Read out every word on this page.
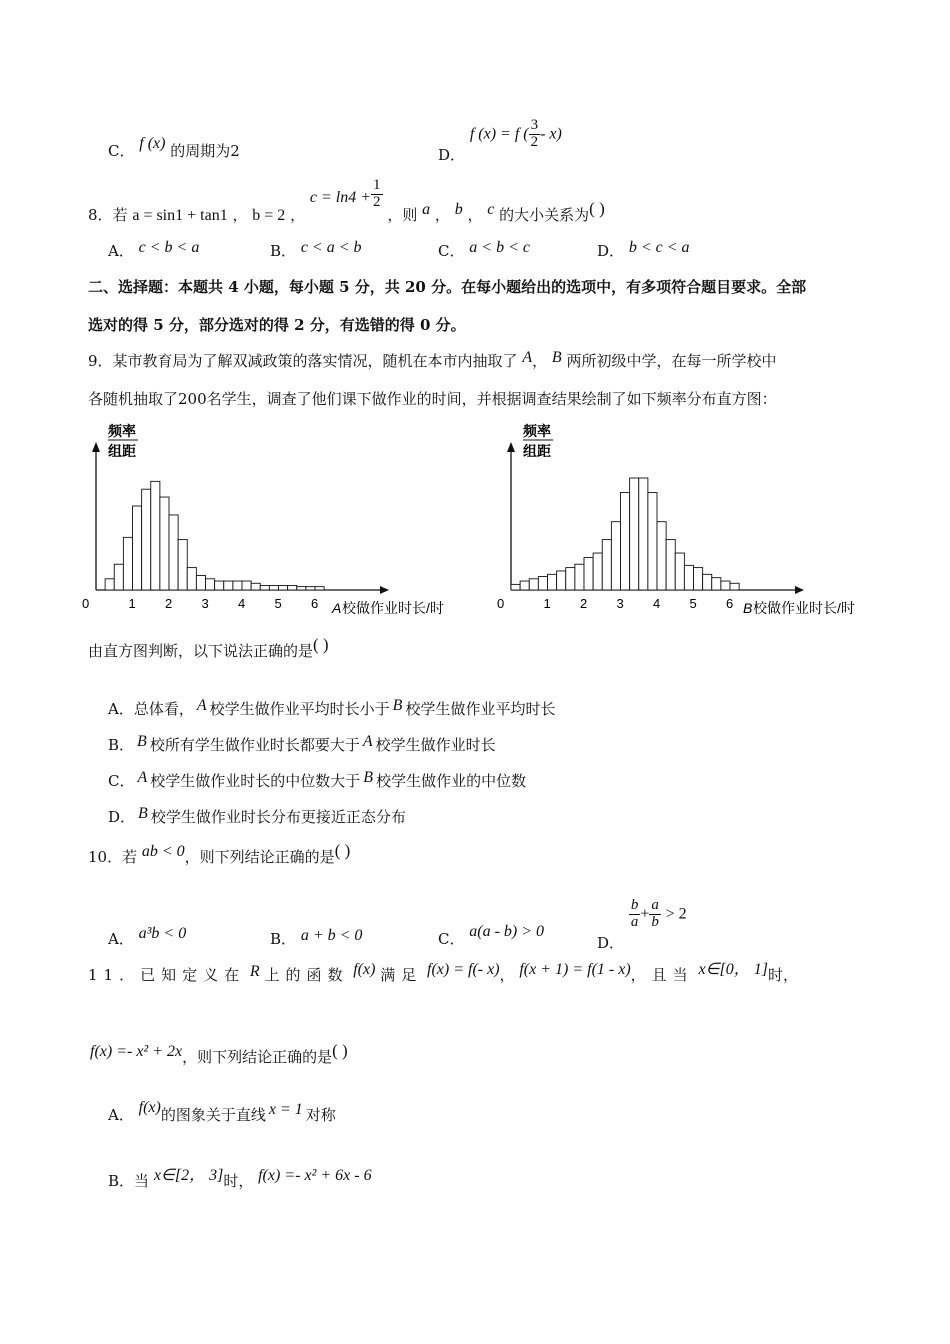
C． f (x) 的周期为2	D． f (x) = f ( $\frac{3}{2} - x$)
8．若 a = sin1 + tan1 ， b = 2 ， $c = \ln 4 + \frac{1}{2}$
，则 a ， b ， c 的大小关系为( )
A． c < b < a	B． c < a < b	C． a < b < c	D． b < c < a
二、选择题：本题共 4 小题，每小题 5 分，共 20 分。在每小题给出的选项中，有多项符合题目要求。全部
选对的得 5 分，部分选对的得 2 分，有选错的得 0 分。
9．某市教育局为了解双减政策的落实情况，随机在本市内抽取了 A， B 两所初级中学，在每一所学校中
各随机抽取了200名学生，调查了他们课下做作业的时间，并根据调查结果绘制了如下频率分布直方图：
频率
组距
0	1 2 3 4 5 6 A 校做作业时长/时
频率
组距
0	1 2 3 4 5 6 B 校做作业时长/时
由直方图判断，以下说法正确的是( )
A．总体看， A 校学生做作业平均时长小于 B 校学生做作业平均时长
B． B 校所有学生做作业时长都要大于 A 校学生做作业时长
C． A 校学生做作业时长的中位数大于 B 校学生做作业的中位数
D． B 校学生做作业时长分布更接近正态分布
10．若 ab < 0，则下列结论正确的是( )
A． a³b < 0	B． a + b < 0	C． a(a - b) > 0
D．
$\frac{b}{a} + \frac{a}{b} > 2$
11．已知定义在 R 上的函数 f(x) 满足 f(x) = f(- x)， f(x + 1) = f(1 - x)，且当 x∈[0， 1]时，
f(x) =- x² + 2x，则下列结论正确的是( )
A． f(x)的图象关于直线 x = 1 对称
B．当 x∈[2， 3]时， f(x) =- x² + 6x - 6
